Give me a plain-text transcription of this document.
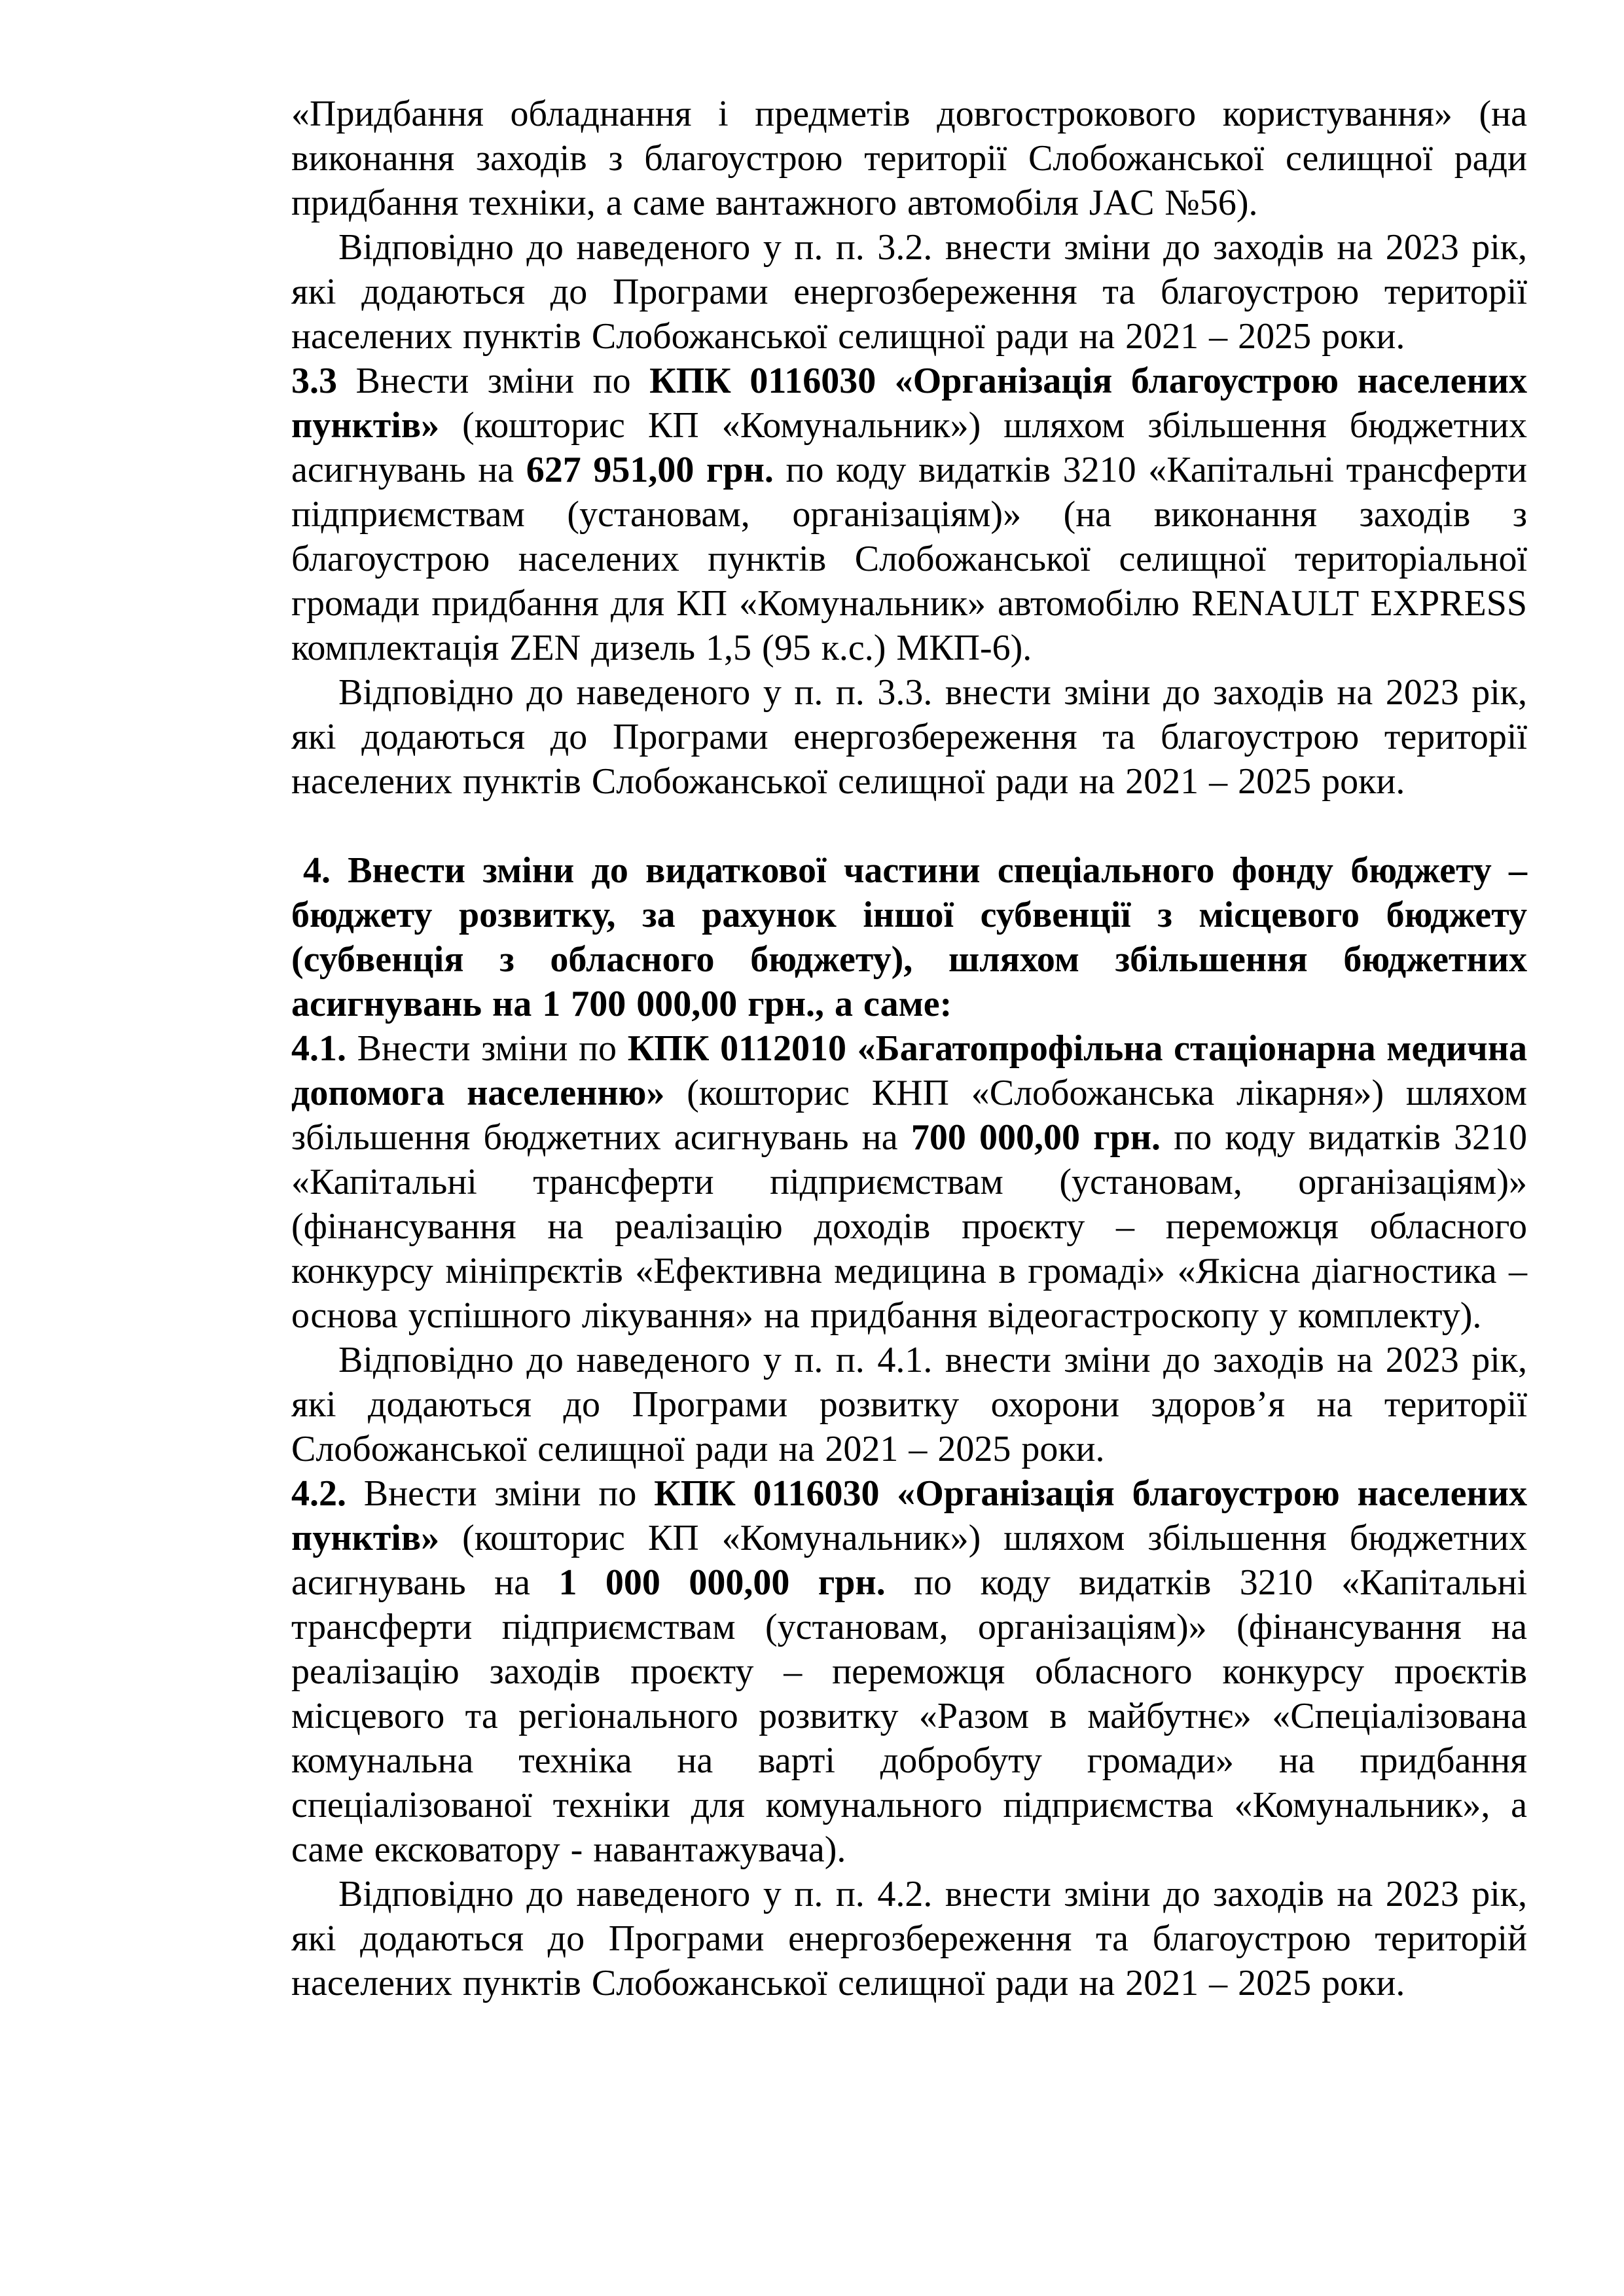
«Придбання обладнання і предметів довгострокового користування» (на виконання заходів з благоустрою території Слобожанської селищної ради придбання техніки, а саме вантажного автомобіля JAC №56).

Відповідно до наведеного у п. п. 3.2. внести зміни до заходів на 2023 рік, які додаються до Програми енергозбереження та благоустрою території населених пунктів Слобожанської селищної ради на 2021 – 2025 роки.

3.3 Внести зміни по КПК 0116030 «Організація благоустрою населених пунктів» (кошторис КП «Комунальник») шляхом збільшення бюджетних асигнувань на 627 951,00 грн. по коду видатків 3210 «Капітальні трансферти підприємствам (установам, організаціям)» (на виконання заходів з благоустрою населених пунктів Слобожанської селищної територіальної громади придбання для КП «Комунальник» автомобілю RENAULT EXPRESS комплектація ZEN дизель 1,5 (95 к.с.) МКП-6).

Відповідно до наведеного у п. п. 3.3. внести зміни до заходів на 2023 рік, які додаються до Програми енергозбереження та благоустрою території населених пунктів Слобожанської селищної ради на 2021 – 2025 роки.

4. Внести зміни до видаткової частини спеціального фонду бюджету – бюджету розвитку, за рахунок іншої субвенції з місцевого бюджету (субвенція з обласного бюджету), шляхом збільшення бюджетних асигнувань на 1 700 000,00 грн., а саме:

4.1. Внести зміни по КПК 0112010 «Багатопрофільна стаціонарна медична допомога населенню» (кошторис КНП «Слобожанська лікарня») шляхом збільшення бюджетних асигнувань на 700 000,00 грн. по коду видатків 3210 «Капітальні трансферти підприємствам (установам, організаціям)» (фінансування на реалізацію доходів проєкту – переможця обласного конкурсу мініпрєктів «Ефективна медицина в громаді» «Якісна діагностика – основа успішного лікування» на придбання відеогастроскопу у комплекту).

Відповідно до наведеного у п. п. 4.1. внести зміни до заходів на 2023 рік, які додаються до Програми розвитку охорони здоров’я на території Слобожанської селищної ради на 2021 – 2025 роки.

4.2. Внести зміни по КПК 0116030 «Організація благоустрою населених пунктів» (кошторис КП «Комунальник») шляхом збільшення бюджетних асигнувань на 1 000 000,00 грн. по коду видатків 3210 «Капітальні трансферти підприємствам (установам, організаціям)» (фінансування на реалізацію заходів проєкту – переможця обласного конкурсу проєктів місцевого та регіонального розвитку «Разом в майбутнє» «Спеціалізована комунальна техніка на варті добробуту громади» на придбання спеціалізованої техніки для комунального підприємства «Комунальник», а саме ексковатору - навантажувача).

Відповідно до наведеного у п. п. 4.2. внести зміни до заходів на 2023 рік, які додаються до Програми енергозбереження та благоустрою територій населених пунктів Слобожанської селищної ради на 2021 – 2025 роки.
